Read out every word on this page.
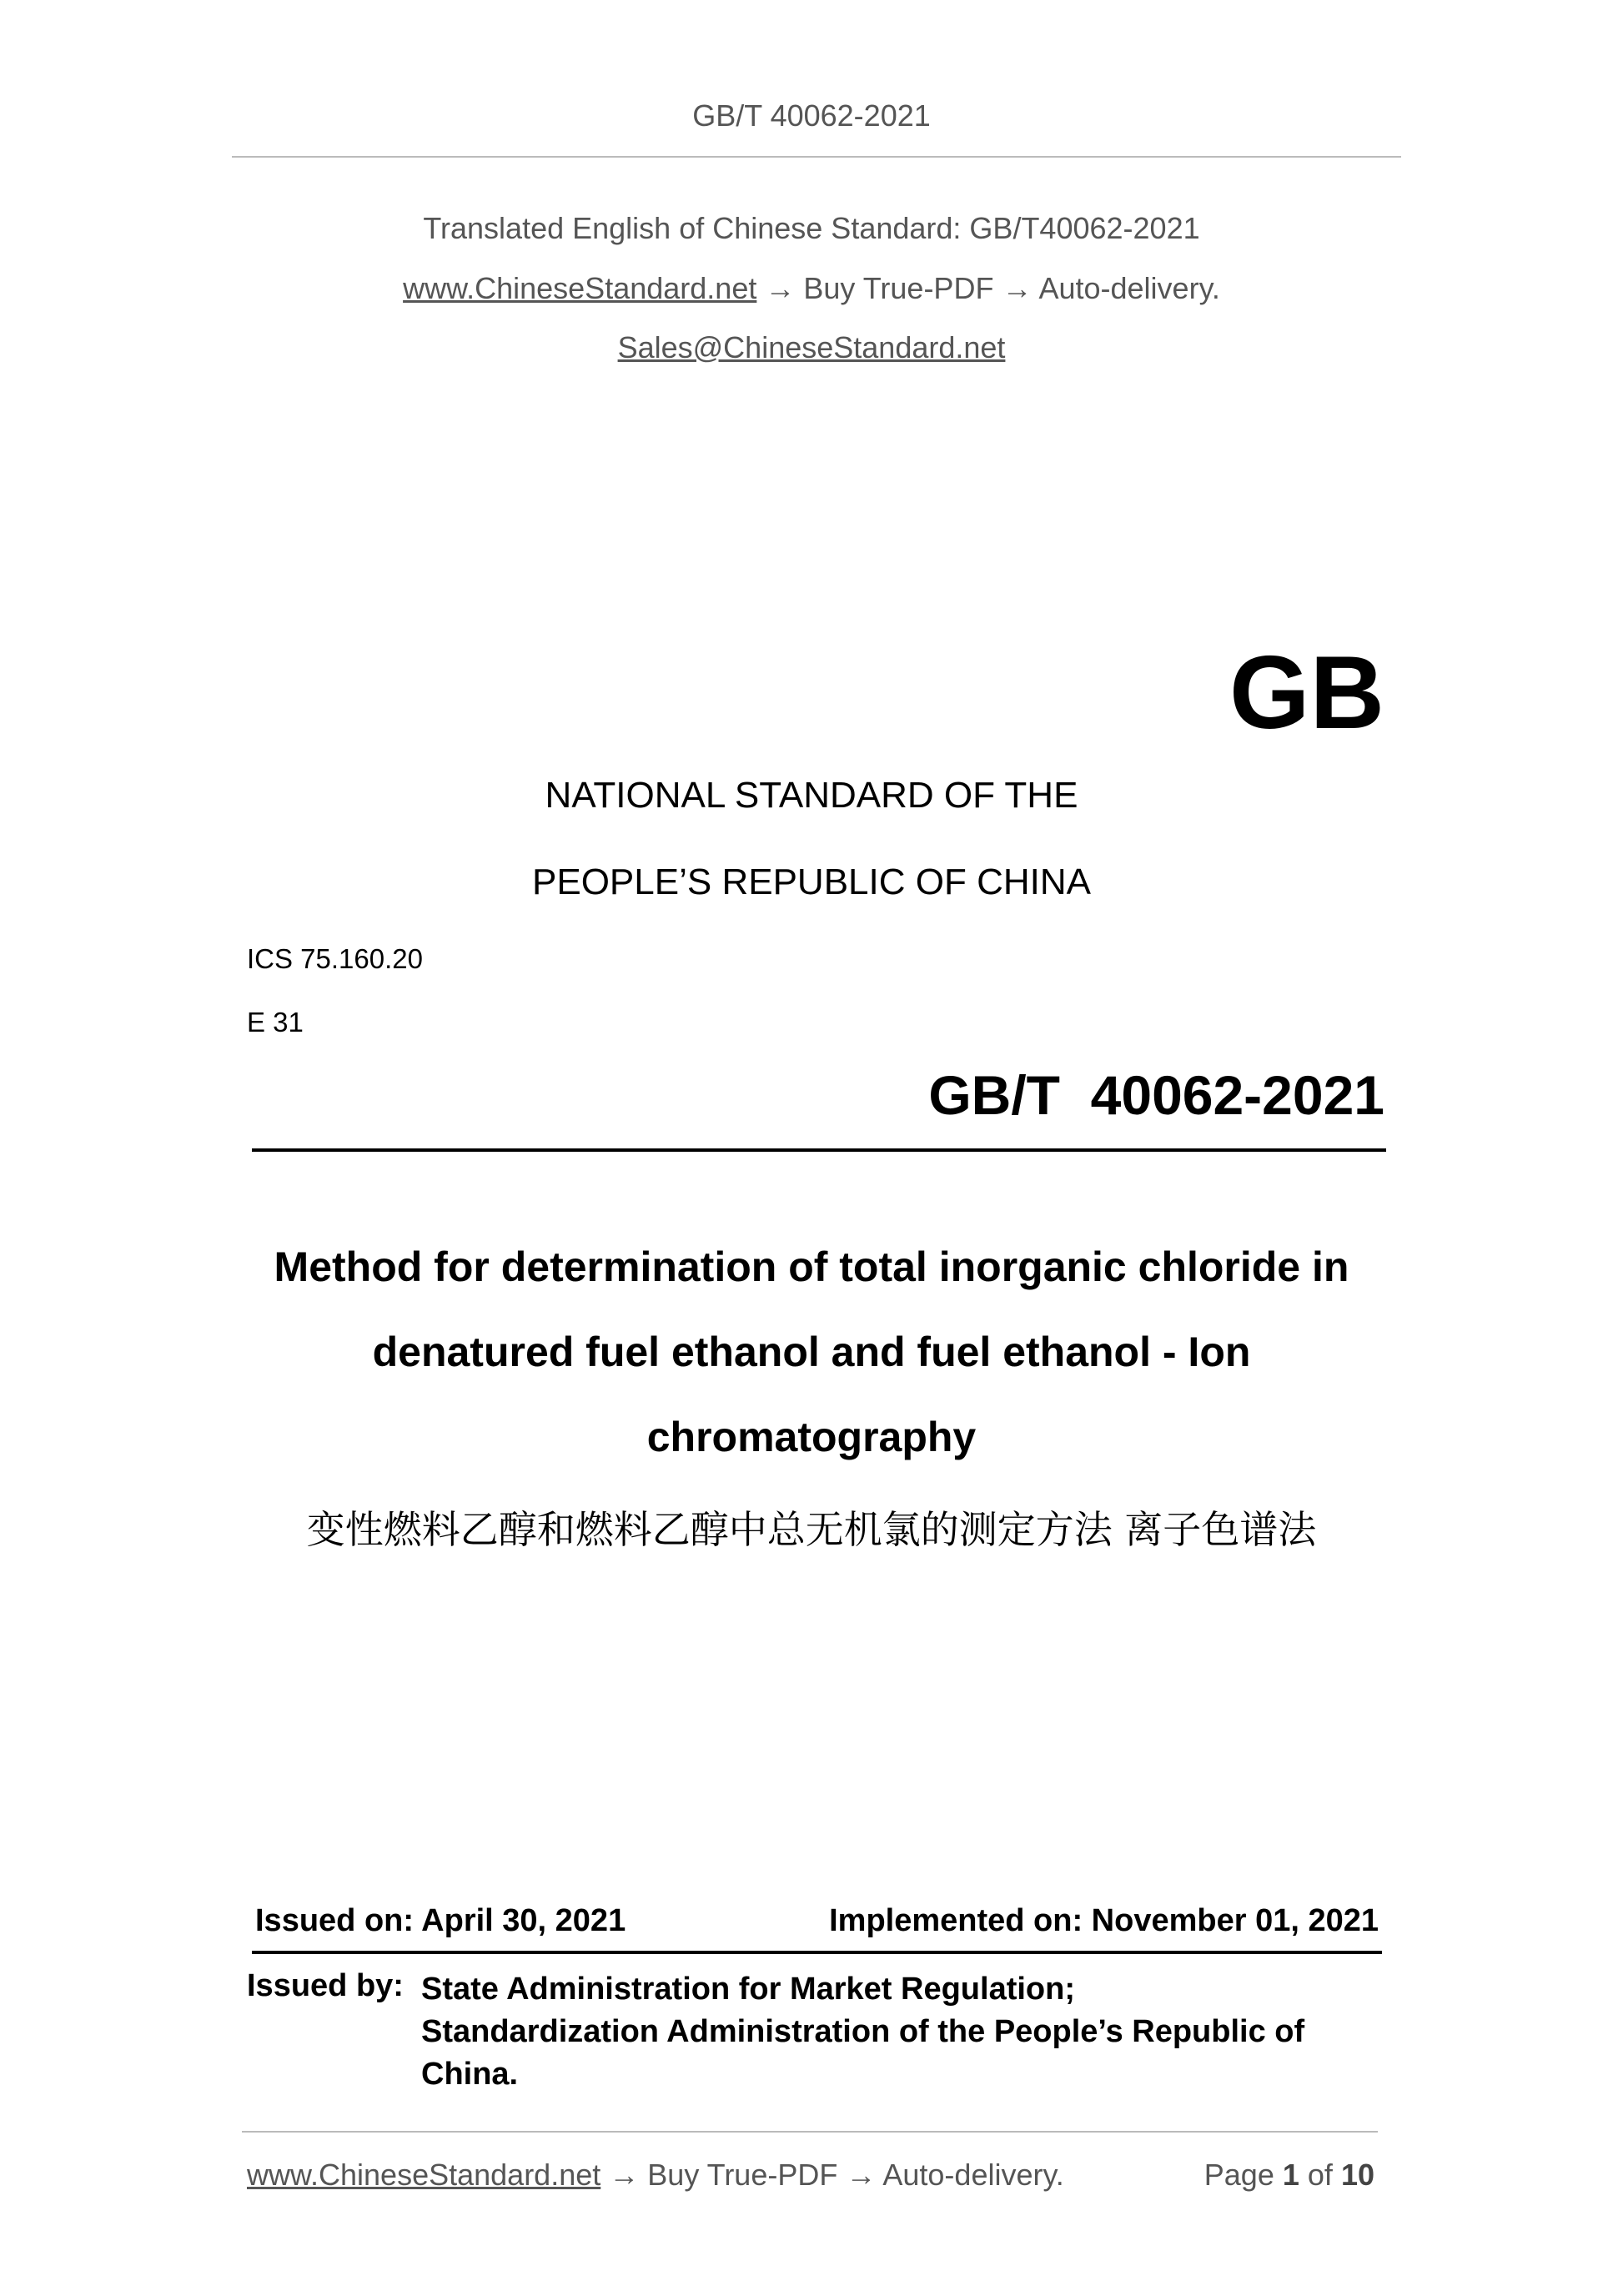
GB/T 40062-2021
Translated English of Chinese Standard: GB/T40062-2021
www.ChineseStandard.net → Buy True-PDF → Auto-delivery.
Sales@ChineseStandard.net
GB
NATIONAL STANDARD OF THE
PEOPLE’S REPUBLIC OF CHINA
ICS 75.160.20
E 31
GB/T  40062-2021
Method for determination of total inorganic chloride in
denatured fuel ethanol and fuel ethanol - Ion
chromatography
变性燃料乙醇和燃料乙醇中总无机氯的测定方法 离子色谱法
Issued on: April 30, 2021	Implemented on: November 01, 2021
Issued by: State Administration for Market Regulation;
Standardization Administration of the People’s Republic of
China.
www.ChineseStandard.net → Buy True-PDF → Auto-delivery.	Page 1 of 10
